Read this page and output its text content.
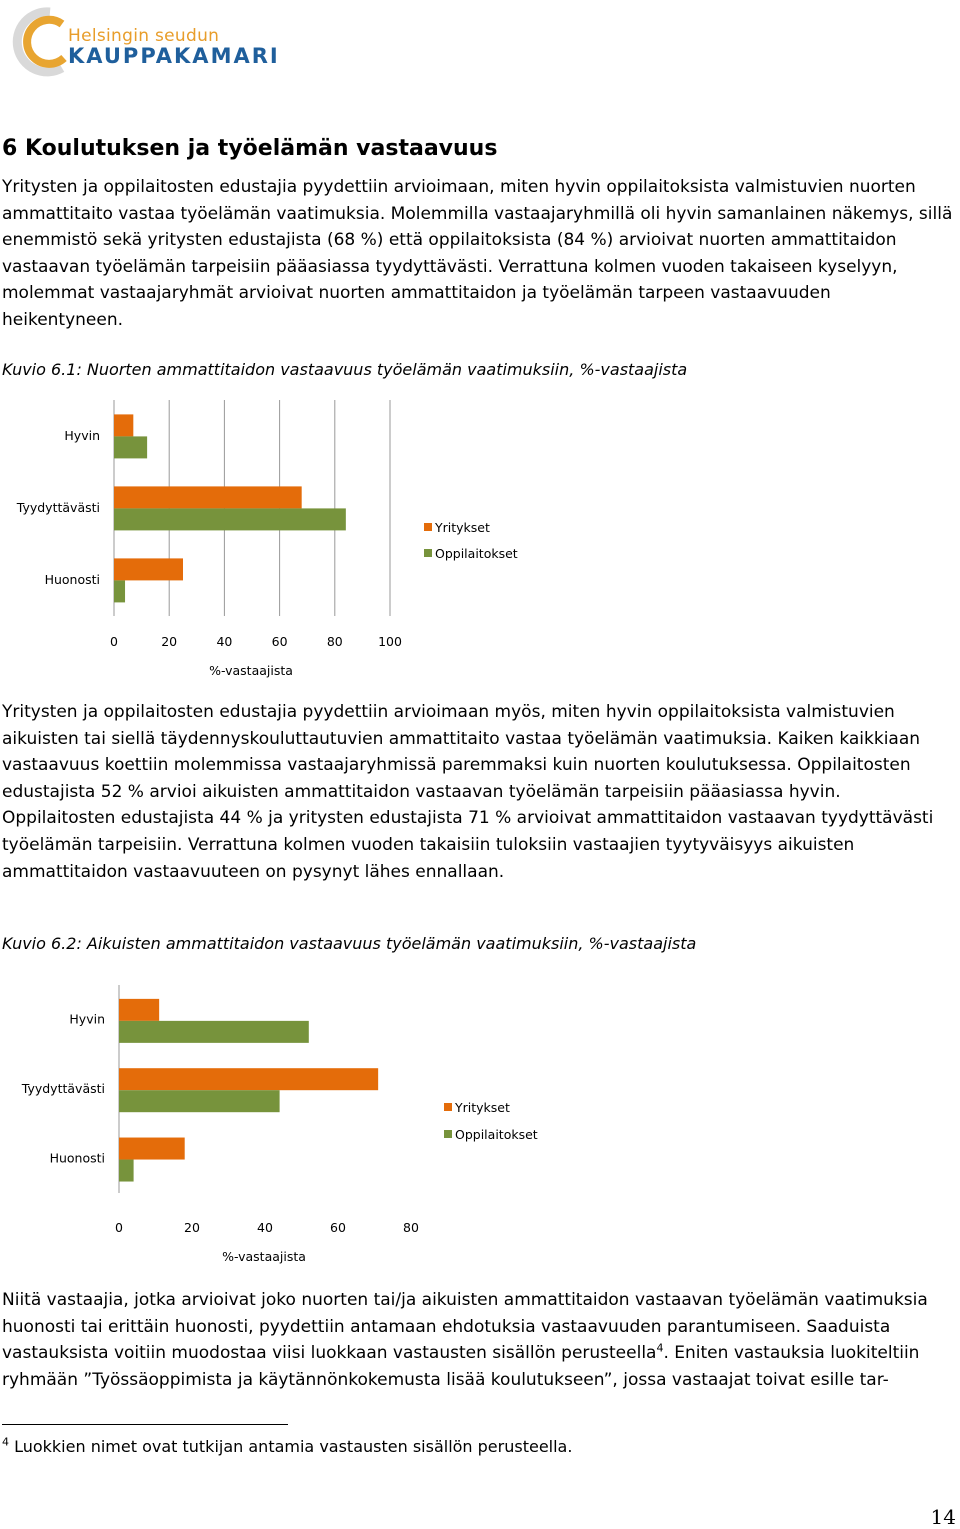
Helsingin seudun
KAUPPAKAMARI
6 Koulutuksen ja työelämän vastaavuus

Yritysten ja oppilaitosten edustajia pyydettiin arvioimaan, miten hyvin oppilaitoksista valmistuvien nuorten ammattitaito vastaa työelämän vaatimuksia. Molemmilla vastaajaryhmillä oli hyvin samanlainen näkemys, sillä enemmistö sekä yritysten edustajista (68 %) että oppilaitoksista (84 %) arvioivat nuorten ammattitaidon vastaavan työelämän tarpeisiin pääasiassa tyydyttävästi. Verrattuna kolmen vuoden takaiseen kyselyyn, molemmat vastaajaryhmät arvioivat nuorten ammattitaidon ja työelämän tarpeen vastaavuuden heikentyneen.

Kuvio 6.1: Nuorten ammattitaidon vastaavuus työelämän vaatimuksiin, %-vastaajista

0	20	40	60	80	100
Hyvin
Tyydyttävästi
Huonosti
%-vastaajista
Yritykset
Oppilaitokset

Yritysten ja oppilaitosten edustajia pyydettiin arvioimaan myös, miten hyvin oppilaitoksista valmistuvien aikuisten tai siellä täydennyskouluttautuvien ammattitaito vastaa työelämän vaatimuksia. Kaiken kaikkiaan vastaavuus koettiin molemmissa vastaajaryhmissä paremmaksi kuin nuorten koulutuksessa. Oppilaitosten edustajista 52 % arvioi aikuisten ammattitaidon vastaavan työelämän tarpeisiin pääasiassa hyvin. Oppilaitosten edustajista 44 % ja yritysten edustajista 71 % arvioivat ammattitaidon vastaavan tyydyttävästi työelämän tarpeisiin. Verrattuna kolmen vuoden takaisiin tuloksiin vastaajien tyytyväisyys aikuisten ammattitaidon vastaavuuteen on pysynyt lähes ennallaan.

Kuvio 6.2: Aikuisten ammattitaidon vastaavuus työelämän vaatimuksiin, %-vastaajista

0	20	40	60	80
Hyvin
Tyydyttävästi
Huonosti
%-vastaajista
Yritykset
Oppilaitokset

Niitä vastaajia, jotka arvioivat joko nuorten tai/ja aikuisten ammattitaidon vastaavan työelämän vaatimuksia huonosti tai erittäin huonosti, pyydettiin antamaan ehdotuksia vastaavuuden parantumiseen. Saaduista vastauksista voitiin muodostaa viisi luokkaan vastausten sisällön perusteella$^4$. Eniten vastauksia luokiteltiin ryhmään ”Työssäoppimista ja käytännönkokemusta lisää koulutukseen”, jossa vastaajat toivat esille tar-

$^4$ Luokkien nimet ovat tutkijan antamia vastausten sisällön perusteella.

14
